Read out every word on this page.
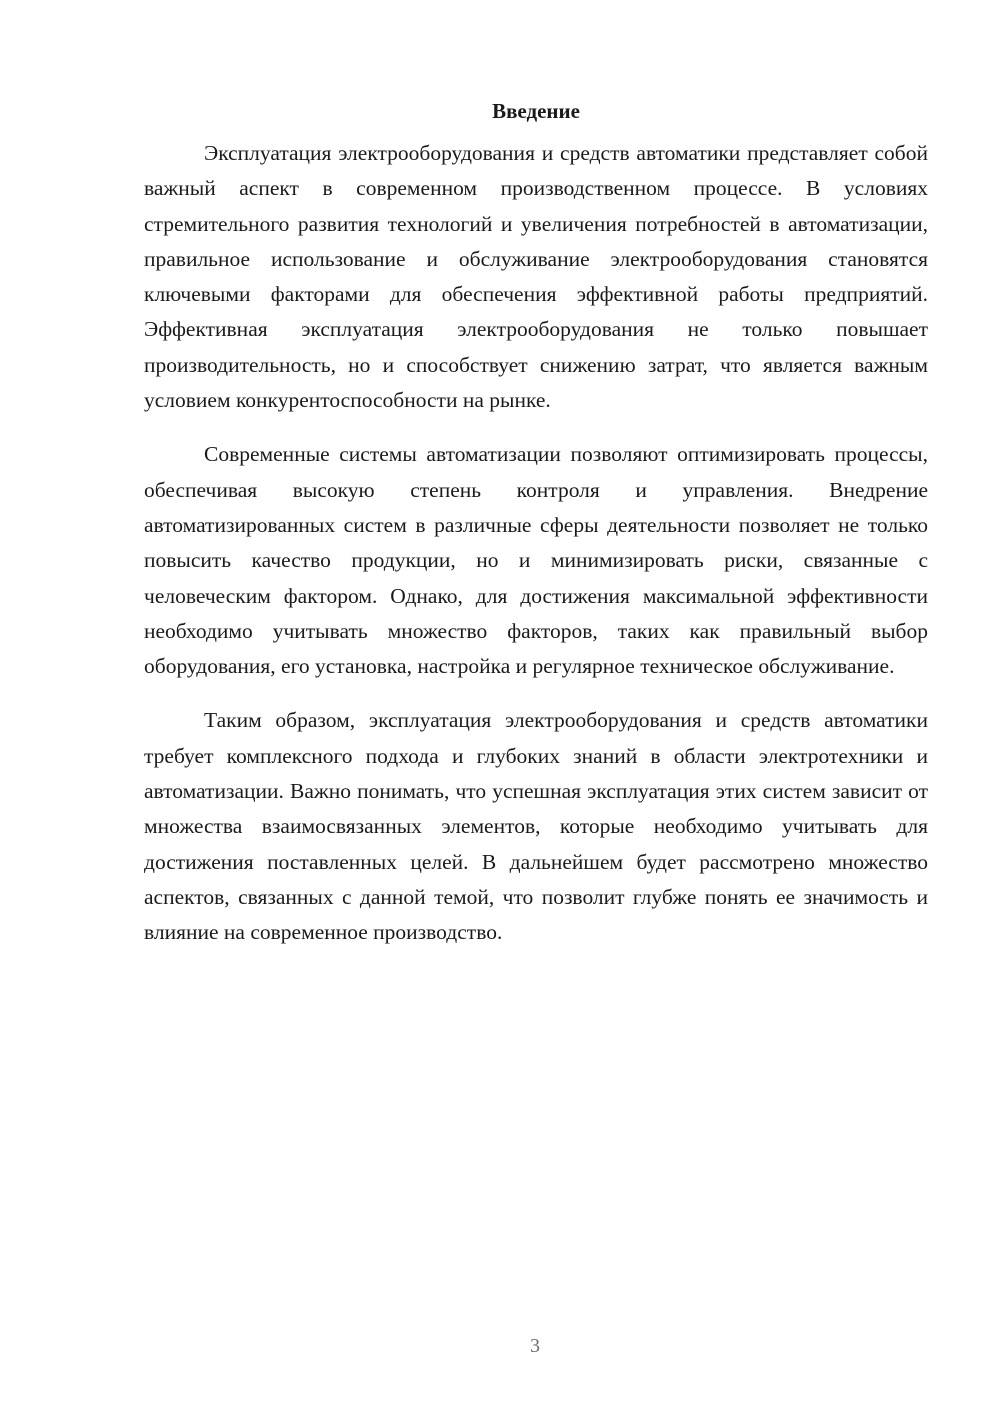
Введение

Эксплуатация электрооборудования и средств автоматики представляет собой важный аспект в современном производственном процессе. В условиях стремительного развития технологий и увеличения потребностей в автоматизации, правильное использование и обслуживание электрооборудования становятся ключевыми факторами для обеспечения эффективной работы предприятий. Эффективная эксплуатация электрооборудования не только повышает производительность, но и способствует снижению затрат, что является важным условием конкурентоспособности на рынке.

Современные системы автоматизации позволяют оптимизировать процессы, обеспечивая высокую степень контроля и управления. Внедрение автоматизированных систем в различные сферы деятельности позволяет не только повысить качество продукции, но и минимизировать риски, связанные с человеческим фактором. Однако, для достижения максимальной эффективности необходимо учитывать множество факторов, таких как правильный выбор оборудования, его установка, настройка и регулярное техническое обслуживание.

Таким образом, эксплуатация электрооборудования и средств автоматики требует комплексного подхода и глубоких знаний в области электротехники и автоматизации. Важно понимать, что успешная эксплуатация этих систем зависит от множества взаимосвязанных элементов, которые необходимо учитывать для достижения поставленных целей. В дальнейшем будет рассмотрено множество аспектов, связанных с данной темой, что позволит глубже понять ее значимость и влияние на современное производство.

3
